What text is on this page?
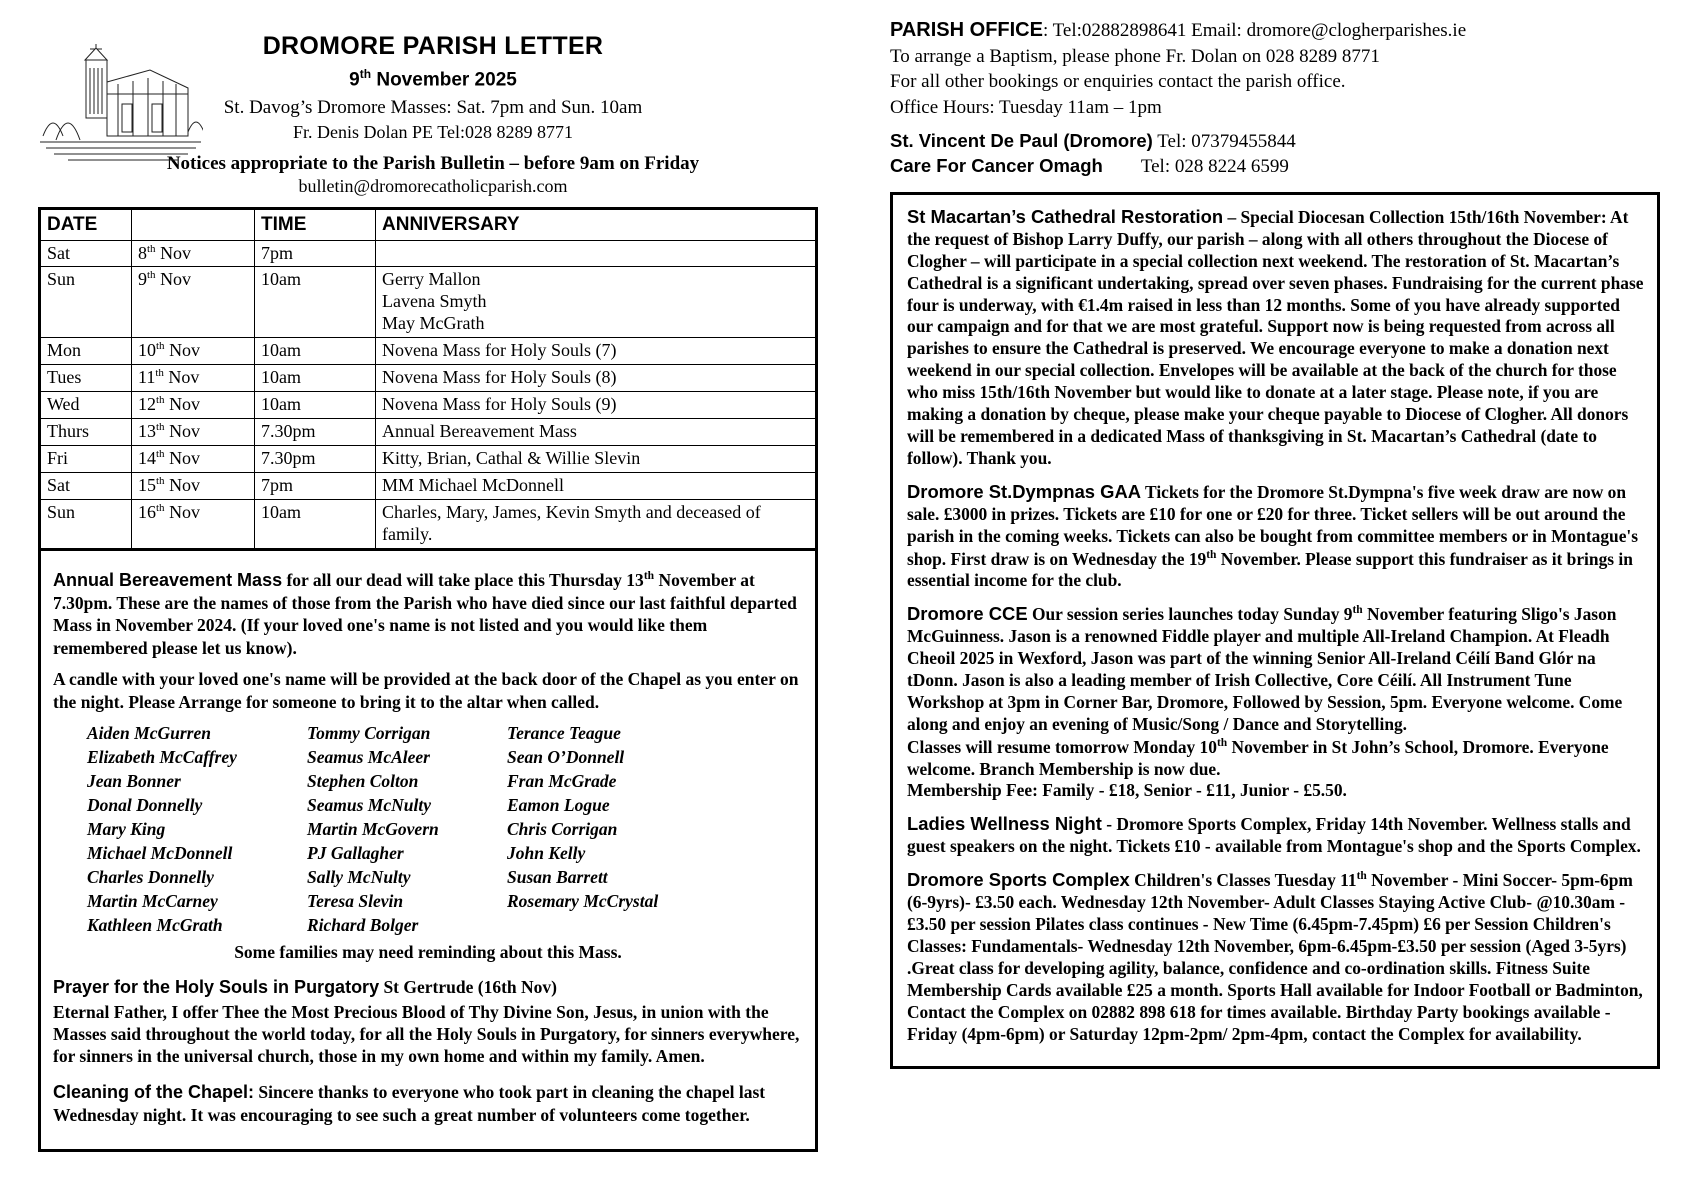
DROMORE PARISH LETTER
9th November 2025
St. Davog’s Dromore Masses: Sat. 7pm and Sun. 10am
Fr. Denis Dolan PE Tel:028 8289 8771
Notices appropriate to the Parish Bulletin – before 9am on Friday
bulletin@dromorecatholicparish.com
DATE		TIME	ANNIVERSARY
Sat	8th Nov	7pm	
Sun	9th Nov	10am	Gerry Mallon
Lavena Smyth
May McGrath
Mon	10th Nov	10am	Novena Mass for Holy Souls (7)
Tues	11th Nov	10am	Novena Mass for Holy Souls (8)
Wed	12th Nov	10am	Novena Mass for Holy Souls (9)
Thurs	13th Nov	7.30pm	Annual Bereavement Mass
Fri	14th Nov	7.30pm	Kitty, Brian, Cathal & Willie Slevin
Sat	15th Nov	7pm	MM Michael McDonnell
Sun	16th Nov	10am	Charles, Mary, James, Kevin Smyth and deceased of family.

Annual Bereavement Mass for all our dead will take place this Thursday 13th November at 7.30pm. These are the names of those from the Parish who have died since our last faithful departed Mass in November 2024. (If your loved one's name is not listed and you would like them remembered please let us know).

A candle with your loved one's name will be provided at the back door of the Chapel as you enter on the night. Please Arrange for someone to bring it to the altar when called.

Aiden McGurren	Tommy Corrigan	Terance Teague
Elizabeth McCaffrey	Seamus McAleer	Sean O’Donnell
Jean Bonner	Stephen Colton	Fran McGrade
Donal Donnelly	Seamus McNulty	Eamon Logue
Mary King	Martin McGovern	Chris Corrigan
Michael McDonnell	PJ Gallagher	John Kelly
Charles Donnelly	Sally McNulty	Susan Barrett
Martin McCarney	Teresa Slevin	Rosemary McCrystal
Kathleen McGrath	Richard Bolger
Some families may need reminding about this Mass.

Prayer for the Holy Souls in Purgatory St Gertrude (16th Nov)

Eternal Father, I offer Thee the Most Precious Blood of Thy Divine Son, Jesus, in union with the Masses said throughout the world today, for all the Holy Souls in Purgatory, for sinners everywhere, for sinners in the universal church, those in my own home and within my family. Amen.

Cleaning of the Chapel: Sincere thanks to everyone who took part in cleaning the chapel last Wednesday night. It was encouraging to see such a great number of volunteers come together.

PARISH OFFICE: Tel:02882898641 Email: dromore@clogherparishes.ie
To arrange a Baptism, please phone Fr. Dolan on 028 8289 8771
For all other bookings or enquiries contact the parish office.
Office Hours: Tuesday 11am – 1pm
St. Vincent De Paul (Dromore) Tel: 07379455844
Care For Cancer Omagh Tel: 028 8224 6599
St Macartan’s Cathedral Restoration – Special Diocesan Collection 15th/16th November: At the request of Bishop Larry Duffy, our parish – along with all others throughout the Diocese of Clogher – will participate in a special collection next weekend. The restoration of St. Macartan’s Cathedral is a significant undertaking, spread over seven phases. Fundraising for the current phase four is underway, with €1.4m raised in less than 12 months. Some of you have already supported our campaign and for that we are most grateful. Support now is being requested from across all parishes to ensure the Cathedral is preserved. We encourage everyone to make a donation next weekend in our special collection. Envelopes will be available at the back of the church for those who miss 15th/16th November but would like to donate at a later stage. Please note, if you are making a donation by cheque, please make your cheque payable to Diocese of Clogher. All donors will be remembered in a dedicated Mass of thanksgiving in St. Macartan’s Cathedral (date to follow). Thank you.
Dromore St.Dympnas GAA Tickets for the Dromore St.Dympna's five week draw are now on sale. £3000 in prizes. Tickets are £10 for one or £20 for three. Ticket sellers will be out around the parish in the coming weeks. Tickets can also be bought from committee members or in Montague's shop. First draw is on Wednesday the 19th November. Please support this fundraiser as it brings in essential income for the club.
Dromore CCE Our session series launches today Sunday 9th November featuring Sligo's Jason McGuinness. Jason is a renowned Fiddle player and multiple All-Ireland Champion. At Fleadh Cheoil 2025 in Wexford, Jason was part of the winning Senior All-Ireland Céilí Band Glór na tDonn. Jason is also a leading member of Irish Collective, Core Céilí. All Instrument Tune Workshop at 3pm in Corner Bar, Dromore, Followed by Session, 5pm. Everyone welcome. Come along and enjoy an evening of Music/Song / Dance and Storytelling.
Classes will resume tomorrow Monday 10th November in St John’s School, Dromore. Everyone welcome. Branch Membership is now due.
Membership Fee: Family - £18, Senior - £11, Junior - £5.50.
Ladies Wellness Night - Dromore Sports Complex, Friday 14th November. Wellness stalls and guest speakers on the night. Tickets £10 - available from Montague's shop and the Sports Complex.
Dromore Sports Complex Children's Classes Tuesday 11th November - Mini Soccer- 5pm-6pm (6-9yrs)- £3.50 each. Wednesday 12th November- Adult Classes Staying Active Club- @10.30am - £3.50 per session Pilates class continues - New Time (6.45pm-7.45pm) £6 per Session Children's Classes: Fundamentals- Wednesday 12th November, 6pm-6.45pm-£3.50 per session (Aged 3-5yrs) .Great class for developing agility, balance, confidence and co-ordination skills. Fitness Suite Membership Cards available £25 a month. Sports Hall available for Indoor Football or Badminton, Contact the Complex on 02882 898 618 for times available. Birthday Party bookings available - Friday (4pm-6pm) or Saturday 12pm-2pm/ 2pm-4pm, contact the Complex for availability.
